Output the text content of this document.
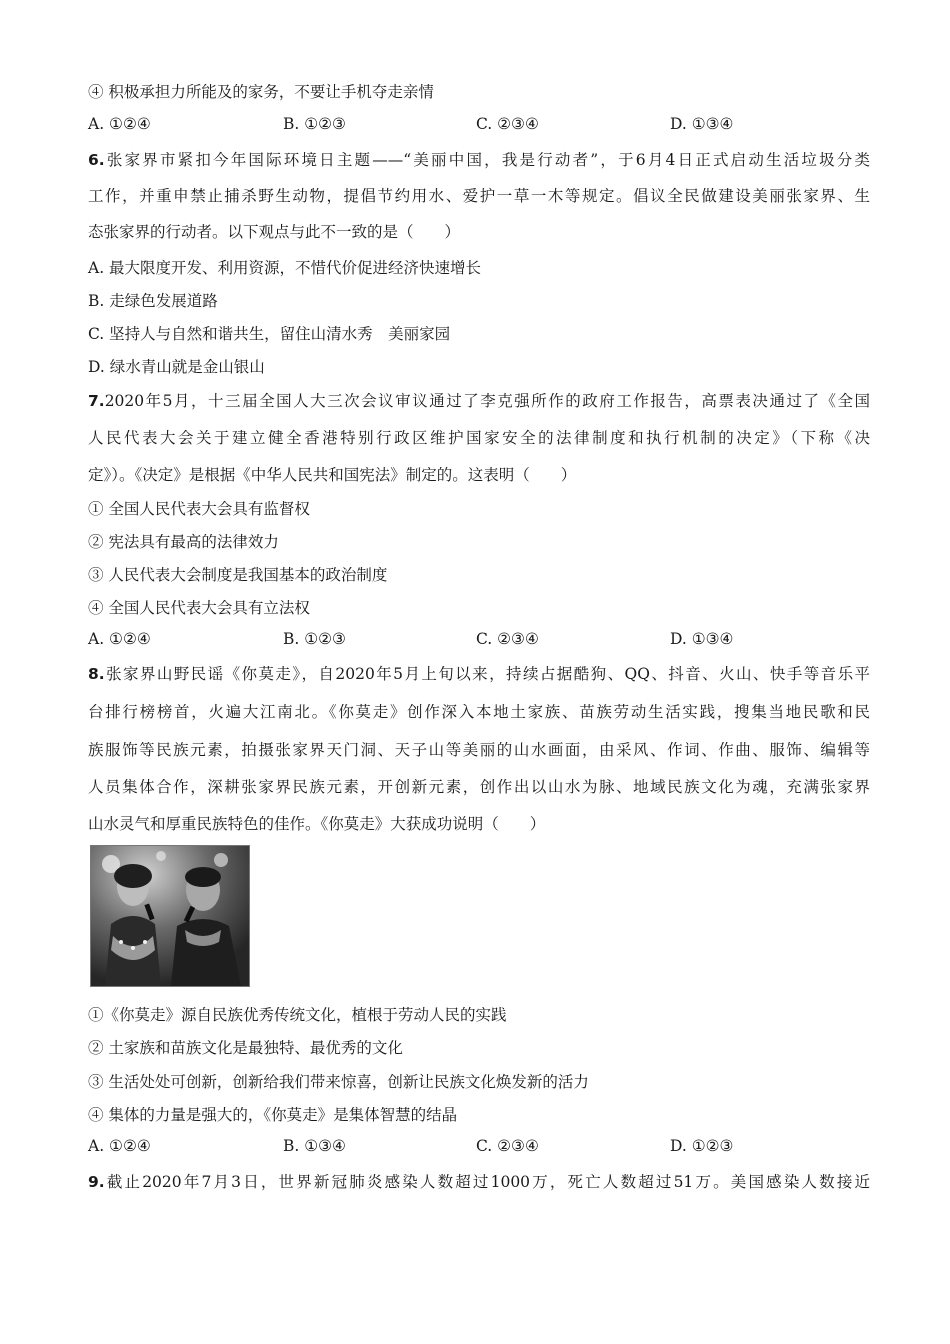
④ 积极承担力所能及的家务，不要让手机夺走亲情
A. ①②④	B. ①②③	C. ②③④	D. ①③④
6.张家界市紧扣今年国际环境日主题——“美丽中国，我是行动者”，于6月4日正式启动生活垃圾分类
工作，并重申禁止捕杀野生动物，提倡节约用水、爱护一草一木等规定。倡议全民做建设美丽张家界、生
态张家界的行动者。以下观点与此不一致的是（　　）
A. 最大限度开发、利用资源，不惜代价促进经济快速增长
B. 走绿色发展道路
C. 坚持人与自然和谐共生，留住山清水秀　美丽家园
D. 绿水青山就是金山银山
7.2020年5月，十三届全国人大三次会议审议通过了李克强所作的政府工作报告，高票表决通过了《全国
人民代表大会关于建立健全香港特别行政区维护国家安全的法律制度和执行机制的决定》（下称《决
定》）。《决定》是根据《中华人民共和国宪法》制定的。这表明（　　）
① 全国人民代表大会具有监督权
② 宪法具有最高的法律效力
③ 人民代表大会制度是我国基本的政治制度
④ 全国人民代表大会具有立法权
A. ①②④	B. ①②③	C. ②③④	D. ①③④
8.张家界山野民谣《你莫走》，自2020年5月上旬以来，持续占据酷狗、QQ、抖音、火山、快手等音乐平
台排行榜榜首，火遍大江南北。《你莫走》创作深入本地土家族、苗族劳动生活实践，搜集当地民歌和民
族服饰等民族元素，拍摄张家界天门洞、天子山等美丽的山水画面，由采风、作词、作曲、服饰、编辑等
人员集体合作，深耕张家界民族元素，开创新元素，创作出以山水为脉、地域民族文化为魂，充满张家界
山水灵气和厚重民族特色的佳作。《你莫走》大获成功说明（　　）
①《你莫走》源自民族优秀传统文化，植根于劳动人民的实践
② 土家族和苗族文化是最独特、最优秀的文化
③ 生活处处可创新，创新给我们带来惊喜，创新让民族文化焕发新的活力
④ 集体的力量是强大的，《你莫走》是集体智慧的结晶
A. ①②④	B. ①③④	C. ②③④	D. ①②③
9.截止2020年7月3日，世界新冠肺炎感染人数超过1000万，死亡人数超过51万。美国感染人数接近
